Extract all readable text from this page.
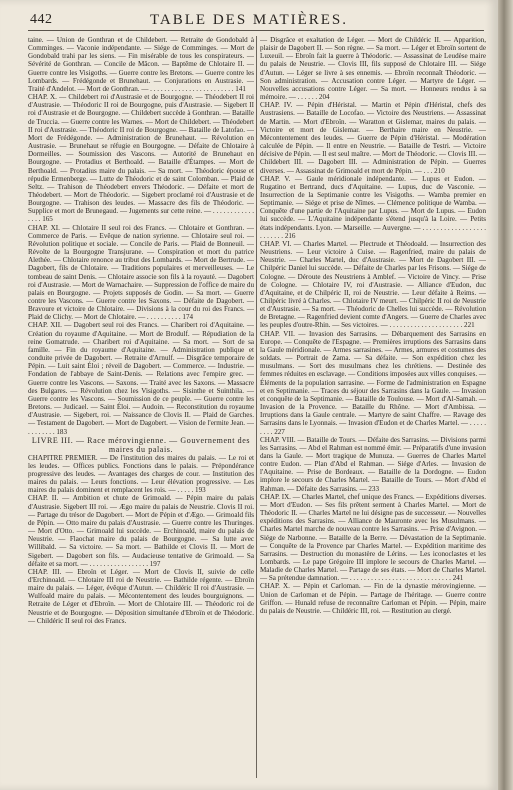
442	TABLE DES MATIÈRES.

taine. — Union de Gonthran et de Childebert. — Retraite de Gondobald à Comminges. — Vaconie indépendante. — Siége de Comminges. — Mort de Gondobald trahi par les siens. — Fin misérable de tous les conspirateurs. — Sévérité de Gonthran. — Concile de Mâcon. — Baptême de Chlotaire II. — Guerre contre les Visigoths. — Guerre contre les Bretons. — Guerre contre les Lombards. — Frédégonde et Brunehaut. — Conjurations en Austrasie. — Traité d'Andelot. — Mort de Gonthran. — . . . . . . . . . . . . . . . . . . . . . . . . 141

CHAP. X. — Childebert roi d'Austrasie et de Bourgogne. — Théodebert II roi d'Austrasie. — Théodoric II roi de Bourgogne, puis d'Austrasie. — Sigebert II roi d'Austrasie et de Bourgogne. — Childebert succède à Gonthran. — Bataille de Truccia. — Guerre contre les Warnes. — Mort de Childebert. — Théodebert II roi d'Austrasie. — Théodoric II roi de Bourgogne. — Bataille de Latofao. — Mort de Frédégonde. — Administration de Brunehaut. — Révolution en Austrasie. — Brunehaut se réfugie en Bourgogne. — Défaite de Chlotaire à Dormeilles. — Soumission des Vascons. — Autorité de Brunehaut en Bourgogne. — Protadius et Berthoald. — Bataille d'Étampes. — Mort de Berthoald. — Protadius maire du palais. — Sa mort. — Théodoric épouse et répudie Ermenberge. — Lutte de Théodoric et de saint Colomban. — Plaid de Seltz. — Trahison de Théodebert envers Théodoric. — Défaite et mort de Théodebert. — Mort de Théodoric. — Sigebert proclamé roi d'Austrasie et de Bourgogne. — Trahison des leudes. — Massacre des fils de Théodoric. — Supplice et mort de Brunegaud. — Jugements sur cette reine. — . . . . . . . . . . . . . . . . 165

CHAP. XI. — Chlotaire II seul roi des Francs. — Chlotaire et Gonthran. — Commerce de Paris. — Evêque de nation syrienne. — Chlotaire seul roi. — Révolution politique et sociale. — Concile de Paris. — Plaid de Bonneuil. — Révolte de la Bourgogne Transjurane. — Conspiration et mort du patrice Alethée. — Chlotaire renonce au tribut des Lombards. — Mort de Bertrude. — Dagobert, fils de Chlotaire. — Traditions populaires et merveilleuses. — Le tombeau de saint Denis. — Chlotaire associe son fils à la royauté. — Dagobert roi d'Austrasie. — Mort de Warnachaire. — Suppression de l'office de maire du palais en Bourgogne. — Projets supposés de Godin. — Sa mort. — Guerre contre les Vascons. — Guerre contre les Saxons. — Défaite de Dagobert. — Bravoure et victoire de Chlotaire. — Divisions à la cour du roi des Francs. — Plaid de Clichy. — Mort de Chlotaire. — . . . . . . . . . . 174

CHAP. XII. — Dagobert seul roi des Francs. — Charibert roi d'Aquitaine. — Création du royaume d'Aquitaine. — Mort de Brodulf. — Répudiation de la reine Gomatrude. — Charibert roi d'Aquitaine. — Sa mort. — Sort de sa famille. — Fin du royaume d'Aquitaine. — Administration publique et conduite privée de Dagobert. — Retraite d'Arnulf. — Disgrâce temporaire de Pépin. — Luit saint Éloi ; réveil de Dagobert. — Commerce. — Industrie. — Fondation de l'abbaye de Saint-Denis. — Relations avec l'empire grec. — Guerre contre les Vascons. — Saxons. — Traité avec les Saxons. — Massacre des Bulgares. — Révolution chez les Visigoths. — Sisinthe et Suinthila. — Guerre contre les Vascons. — Soumission de ce peuple. — Guerre contre les Bretons. — Judicael. — Saint Éloi. — Audoin. — Reconstitution du royaume d'Austrasie. — Sigebert, roi. — Naissance de Clovis II. — Plaid de Garches. — Testament de Dagobert. — Mort de Dagobert. — Vision de l'ermite Jean. — . . . . . . . . 183

LIVRE III. — Race mérovingienne. — Gouvernement des maires du palais.

CHAPITRE PREMIER. — De l'institution des maires du palais. — Le roi et les leudes. — Offices publics. Fonctions dans le palais. — Prépondérance progressive des leudes. — Avantages des charges de cour. — Institution des maires du palais. — Leurs fonctions. — Leur élévation progressive. — Les maires du palais dominent et remplacent les rois. — . . . . . 193

CHAP. II. — Ambition et chute de Grimoald. — Pépin maire du palais d'Austrasie. Sigebert III roi. — Ægo maire du palais de Neustrie. Clovis II roi. — Partage du trésor de Dagobert. — Mort de Pépin et d'Ægo. — Grimoald fils de Pépin. — Otto maire du palais d'Austrasie. — Guerre contre les Thuringes. — Mort d'Otto. — Grimoald lui succède. — Erchinoald, maire du palais de Neustrie. — Flaochat maire du palais de Bourgogne. — Sa lutte avec Willibald. — Sa victoire. — Sa mort. — Bathilde et Clovis II. — Mort de Sigebert. — Dagobert son fils. — Audacieuse tentative de Grimoald. — Sa défaite et sa mort. — . . . . . . . . . . . . . . . . . 197

CHAP. III. — Ebroïn et Léger. — Mort de Clovis II, suivie de celle d'Erchinoald. — Chlotaire III roi de Neustrie. — Bathilde régente. — Ebroïn maire du palais. — Léger, évêque d'Autun. — Childéric II roi d'Austrasie. — Wulfoald maire du palais. — Mécontentement des leudes bourguignons. — Retraite de Léger et d'Ebroïn. — Mort de Chlotaire III. — Théodoric roi de Neustrie et de Bourgogne. — Déposition simultanée d'Ebroïn et de Théodoric. — Childéric II seul roi des Francs.

— Disgrâce et exaltation de Léger. — Mort de Childéric II. — Apparition, plaisir de Dagobert II. — Son règne. — Sa mort. — Léger et Ebroïn sortent de Luxeuil. — Ebroïn fait la guerre à Théodoric. — Assassinat de Leudèse maire du palais de Neustrie. — Clovis III, fils supposé de Chlotaire III. — Siége d'Autun. — Léger se livre à ses ennemis. — Ebroïn reconnaît Théodoric. — Son administration. — Accusation contre Léger. — Martyre de Léger. — Nouvelles accusations contre Léger. — Sa mort. — Honneurs rendus à sa mémoire. — . . . . . . 204

CHAP. IV. — Pépin d'Héristal. — Martin et Pépin d'Héristal, chefs des Austrasiens. — Bataille de Locofao. — Victoire des Neustriens. — Assassinat de Martin. — Mort d'Ebroïn. — Waratton et Gislemar, maires du palais. — Victoire et mort de Gislemar. — Berthaire maire en Neustrie. — Mécontentement des leudes. — Guerre de Pépin d'Héristal. — Modération calculée de Pépin. — Il entre en Neustrie. — Bataille de Testri. — Victoire décisive de Pépin. — Il est seul maître. — Mort de Théodoric. — Clovis III. — Childebert III. — Dagobert III. — Administration de Pépin. — Guerres diverses. — Assassinat de Grimoald et mort de Pépin. — . . . 210

CHAP. V. — Gaule méridionale indépendante. — Lupus et Eudon. — Rugatino et Bertrand, ducs d'Aquitaine. — Lupus, duc de Vasconie. — Insurrection de la Septimanie contre les Visigoths. — Wamba premier en Septimanie. — Siége et prise de Nîmes. — Clémence politique de Wamba. — Conquête d'une partie de l'Aquitaine par Lupus. — Mort de Lupus. — Eudon lui succède. — L'Aquitaine indépendante s'étend jusqu'à la Loire. — Petits états indépendants. Lyon. — Marseille. — Auvergne. — . . . . . . . . . . . . . . . . . . . . . . . . . 216

CHAP. VI. — Charles Martel. — Plectrude et Théodoald. — Insurrection des Neustriens. — Leur victoire à Cuise. — Ragenfried, maire du palais de Neustrie. — Charles Martel, duc d'Austrasie. — Mort de Dagobert III. — Chilpéric Daniel lui succède. — Défaite de Charles par les Frisons. — Siége de Cologne. — Déroute des Neustriens à Amblef. — Victoire de Vincy. — Prise de Cologne. — Chlotaire IV, roi d'Austrasie. — Alliance d'Eudon, duc d'Aquitaine, et de Chilpéric II, roi de Neustrie. — Leur défaite à Reims. — Chilpéric livré à Charles. — Chlotaire IV meurt. — Chilpéric II roi de Neustrie et d'Austrasie. — Sa mort. — Théodoric de Chelles lui succède. — Révolution de Bretagne. — Ragenfried devient comte d'Angers. — Guerre de Charles avec les peuples d'outre-Rhin. — Ses victoires. — . . . . . . . . . . . . . . . . . . . . . 221

CHAP. VII. — Invasion des Sarrasins. — Débarquement des Sarrasins en Europe. — Conquête de l'Espagne. — Premières irruptions des Sarrasins dans la Gaule méridionale. — Armes sarrasines. — Armes, armures et costumes des soldats. — Portrait de Zama. — Sa défaite. — Son expédition chez les musulmans. — Sort des musulmans chez les chrétiens. — Destinée des femmes réduites en esclavage. — Conditions imposées aux villes conquises. — Éléments de la population sarrasine. — Forme de l'administration en Espagne et en Septimanie. — Traces du séjour des Sarrasins dans la Gaule. — Invasion et conquête de la Septimanie. — Bataille de Toulouse. — Mort d'Al-Samah. — Invasion de la Provence. — Bataille du Rhône. — Mort d'Ambissa. — Irruptions dans la Gaule centrale. — Martyre de saint Chaffre. — Ravage des Sarrasins dans le Lyonnais. — Invasion d'Eudon et de Charles Martel. — . . . . . . . . . 227

CHAP. VIII. — Bataille de Tours. — Défaite des Sarrasins. — Divisions parmi les Sarrasins. — Abd el Rahman est nommé émir. — Préparatifs d'une invasion dans la Gaule. — Mort tragique de Munuza. — Guerres de Charles Martel contre Eudon. — Plan d'Abd el Rahman. — Siége d'Arles. — Invasion de l'Aquitaine. — Prise de Bordeaux. — Bataille de la Dordogne. — Eudon implore le secours de Charles Martel. — Bataille de Tours. — Mort d'Abd el Rahman. — Défaite des Sarrasins. — 233

CHAP. IX. — Charles Martel, chef unique des Francs. — Expéditions diverses. — Mort d'Eudon. — Ses fils prêtent serment à Charles Martel. — Mort de Théodoric II. — Charles Martel ne lui désigne pas de successeur. — Nouvelles expéditions des Sarrasins. — Alliance de Mauronte avec les Musulmans. — Charles Martel marche de nouveau contre les Sarrasins. — Prise d'Avignon. — Siége de Narbonne. — Bataille de la Berre. — Dévastation de la Septimanie. — Conquête de la Provence par Charles Martel. — Expédition maritime des Sarrasins. — Destruction du monastère de Lérins. — Les iconoclastes et les Lombards. — Le pape Grégoire III implore le secours de Charles Martel. — Maladie de Charles Martel. — Partage de ses états. — Mort de Charles Martel. — Sa prétendue damnation. — . . . . . . . . . . . . . . . . . . . . . . . . . . . . . 241

CHAP. X. — Pépin et Carloman. — Fin de la dynastie mérovingienne. — Union de Carloman et de Pépin. — Partage de l'héritage. — Guerre contre Griffon. — Hunald refuse de reconnaître Carloman et Pépin. — Pépin, maire du palais de Neustrie. — Childéric III, roi. — Restitution au clergé.
